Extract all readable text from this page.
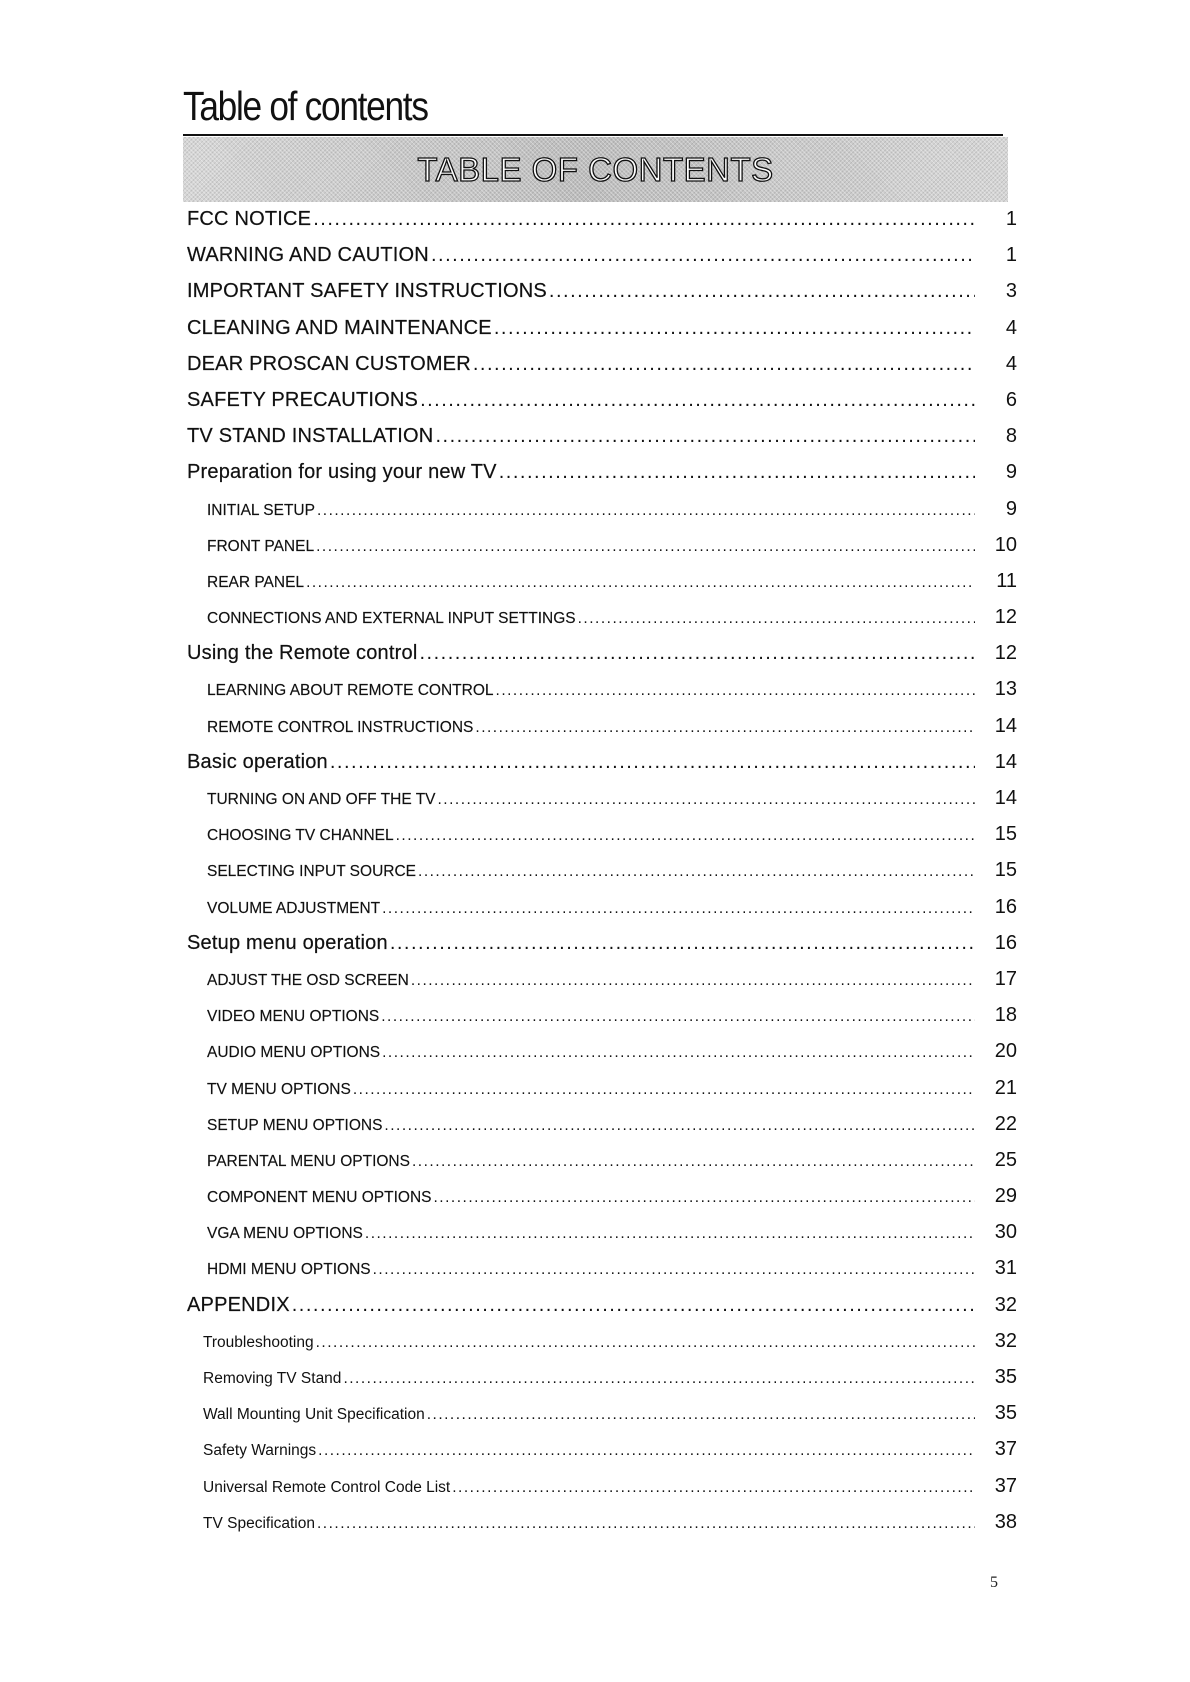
Table of contents
TABLE OF CONTENTS
FCC NOTICE .....	1
WARNING AND CAUTION .....	1
IMPORTANT SAFETY INSTRUCTIONS .....	3
CLEANING AND MAINTENANCE .....	4
DEAR PROSCAN CUSTOMER .....	4
SAFETY PRECAUTIONS .....	6
TV STAND INSTALLATION .....	8
Preparation for using your new TV .....	9
INITIAL SETUP .....	9
FRONT PANEL .....	10
REAR PANEL .....	11
CONNECTIONS AND EXTERNAL INPUT SETTINGS .....	12
Using the Remote control .....	12
LEARNING ABOUT REMOTE CONTROL .....	13
REMOTE CONTROL INSTRUCTIONS .....	14
Basic operation .....	14
TURNING ON AND OFF THE TV .....	14
CHOOSING TV CHANNEL .....	15
SELECTING INPUT SOURCE .....	15
VOLUME ADJUSTMENT .....	16
Setup menu operation .....	16
ADJUST THE OSD SCREEN .....	17
VIDEO MENU OPTIONS .....	18
AUDIO MENU OPTIONS .....	20
TV MENU OPTIONS .....	21
SETUP MENU OPTIONS .....	22
PARENTAL MENU OPTIONS .....	25
COMPONENT MENU OPTIONS .....	29
VGA MENU OPTIONS .....	30
HDMI MENU OPTIONS .....	31
APPENDIX .....	32
Troubleshooting .....	32
Removing TV Stand .....	35
Wall Mounting Unit Specification .....	35
Safety Warnings .....	37
Universal Remote Control Code List .....	37
TV Specification .....	38
5
